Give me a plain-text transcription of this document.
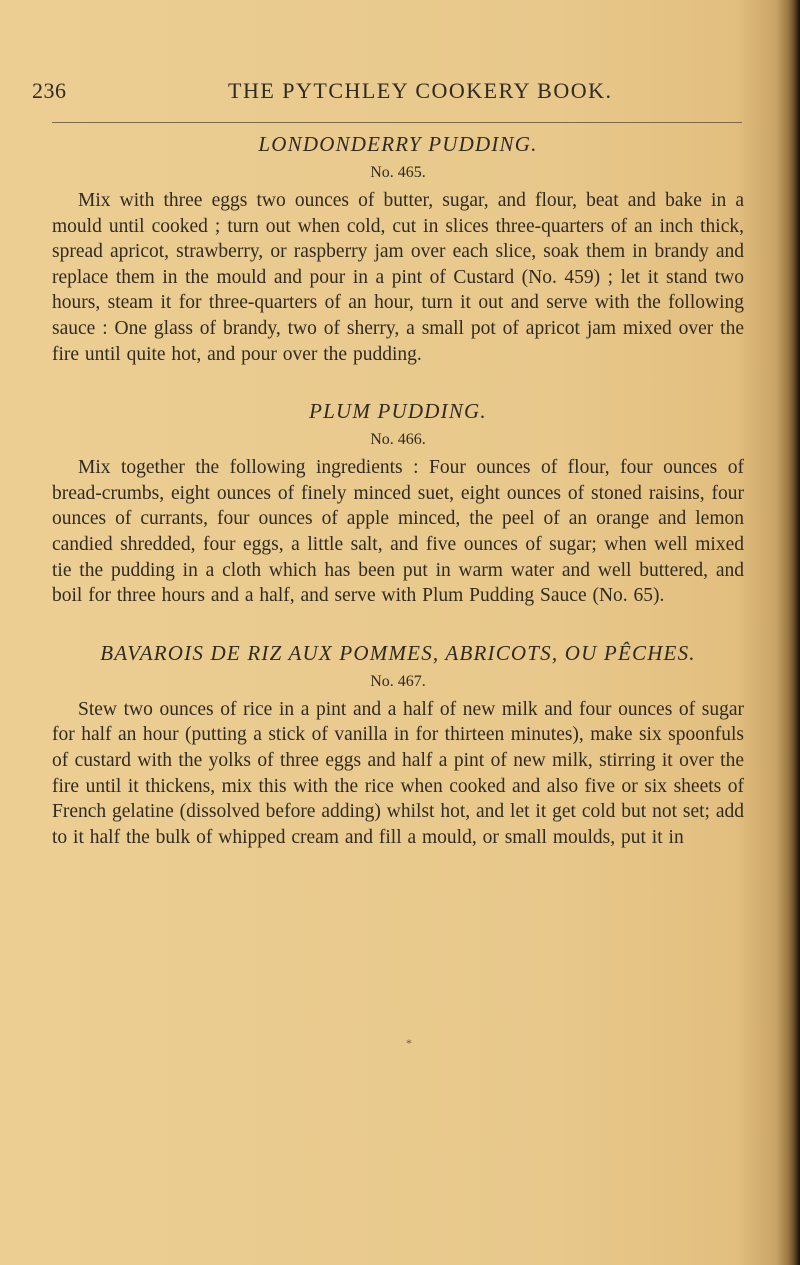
236	THE PYTCHLEY COOKERY BOOK.

LONDONDERRY PUDDING.

No. 465.

Mix with three eggs two ounces of butter, sugar, and flour, beat and bake in a mould until cooked ; turn out when cold, cut in slices three-quarters of an inch thick, spread apricot, strawberry, or raspberry jam over each slice, soak them in brandy and replace them in the mould and pour in a pint of Custard (No. 459) ; let it stand two hours, steam it for three-quarters of an hour, turn it out and serve with the following sauce : One glass of brandy, two of sherry, a small pot of apricot jam mixed over the fire until quite hot, and pour over the pudding.

PLUM PUDDING.

No. 466.

Mix together the following ingredients : Four ounces of flour, four ounces of bread-crumbs, eight ounces of finely minced suet, eight ounces of stoned raisins, four ounces of currants, four ounces of apple minced, the peel of an orange and lemon candied shredded, four eggs, a little salt, and five ounces of sugar; when well mixed tie the pudding in a cloth which has been put in warm water and well buttered, and boil for three hours and a half, and serve with Plum Pudding Sauce (No. 65).

BAVAROIS DE RIZ AUX POMMES, ABRICOTS, OU PÊCHES.

No. 467.

Stew two ounces of rice in a pint and a half of new milk and four ounces of sugar for half an hour (putting a stick of vanilla in for thirteen minutes), make six spoonfuls of custard with the yolks of three eggs and half a pint of new milk, stirring it over the fire until it thickens, mix this with the rice when cooked and also five or six sheets of French gelatine (dissolved before adding) whilst hot, and let it get cold but not set; add to it half the bulk of whipped cream and fill a mould, or small moulds, put it in

*
